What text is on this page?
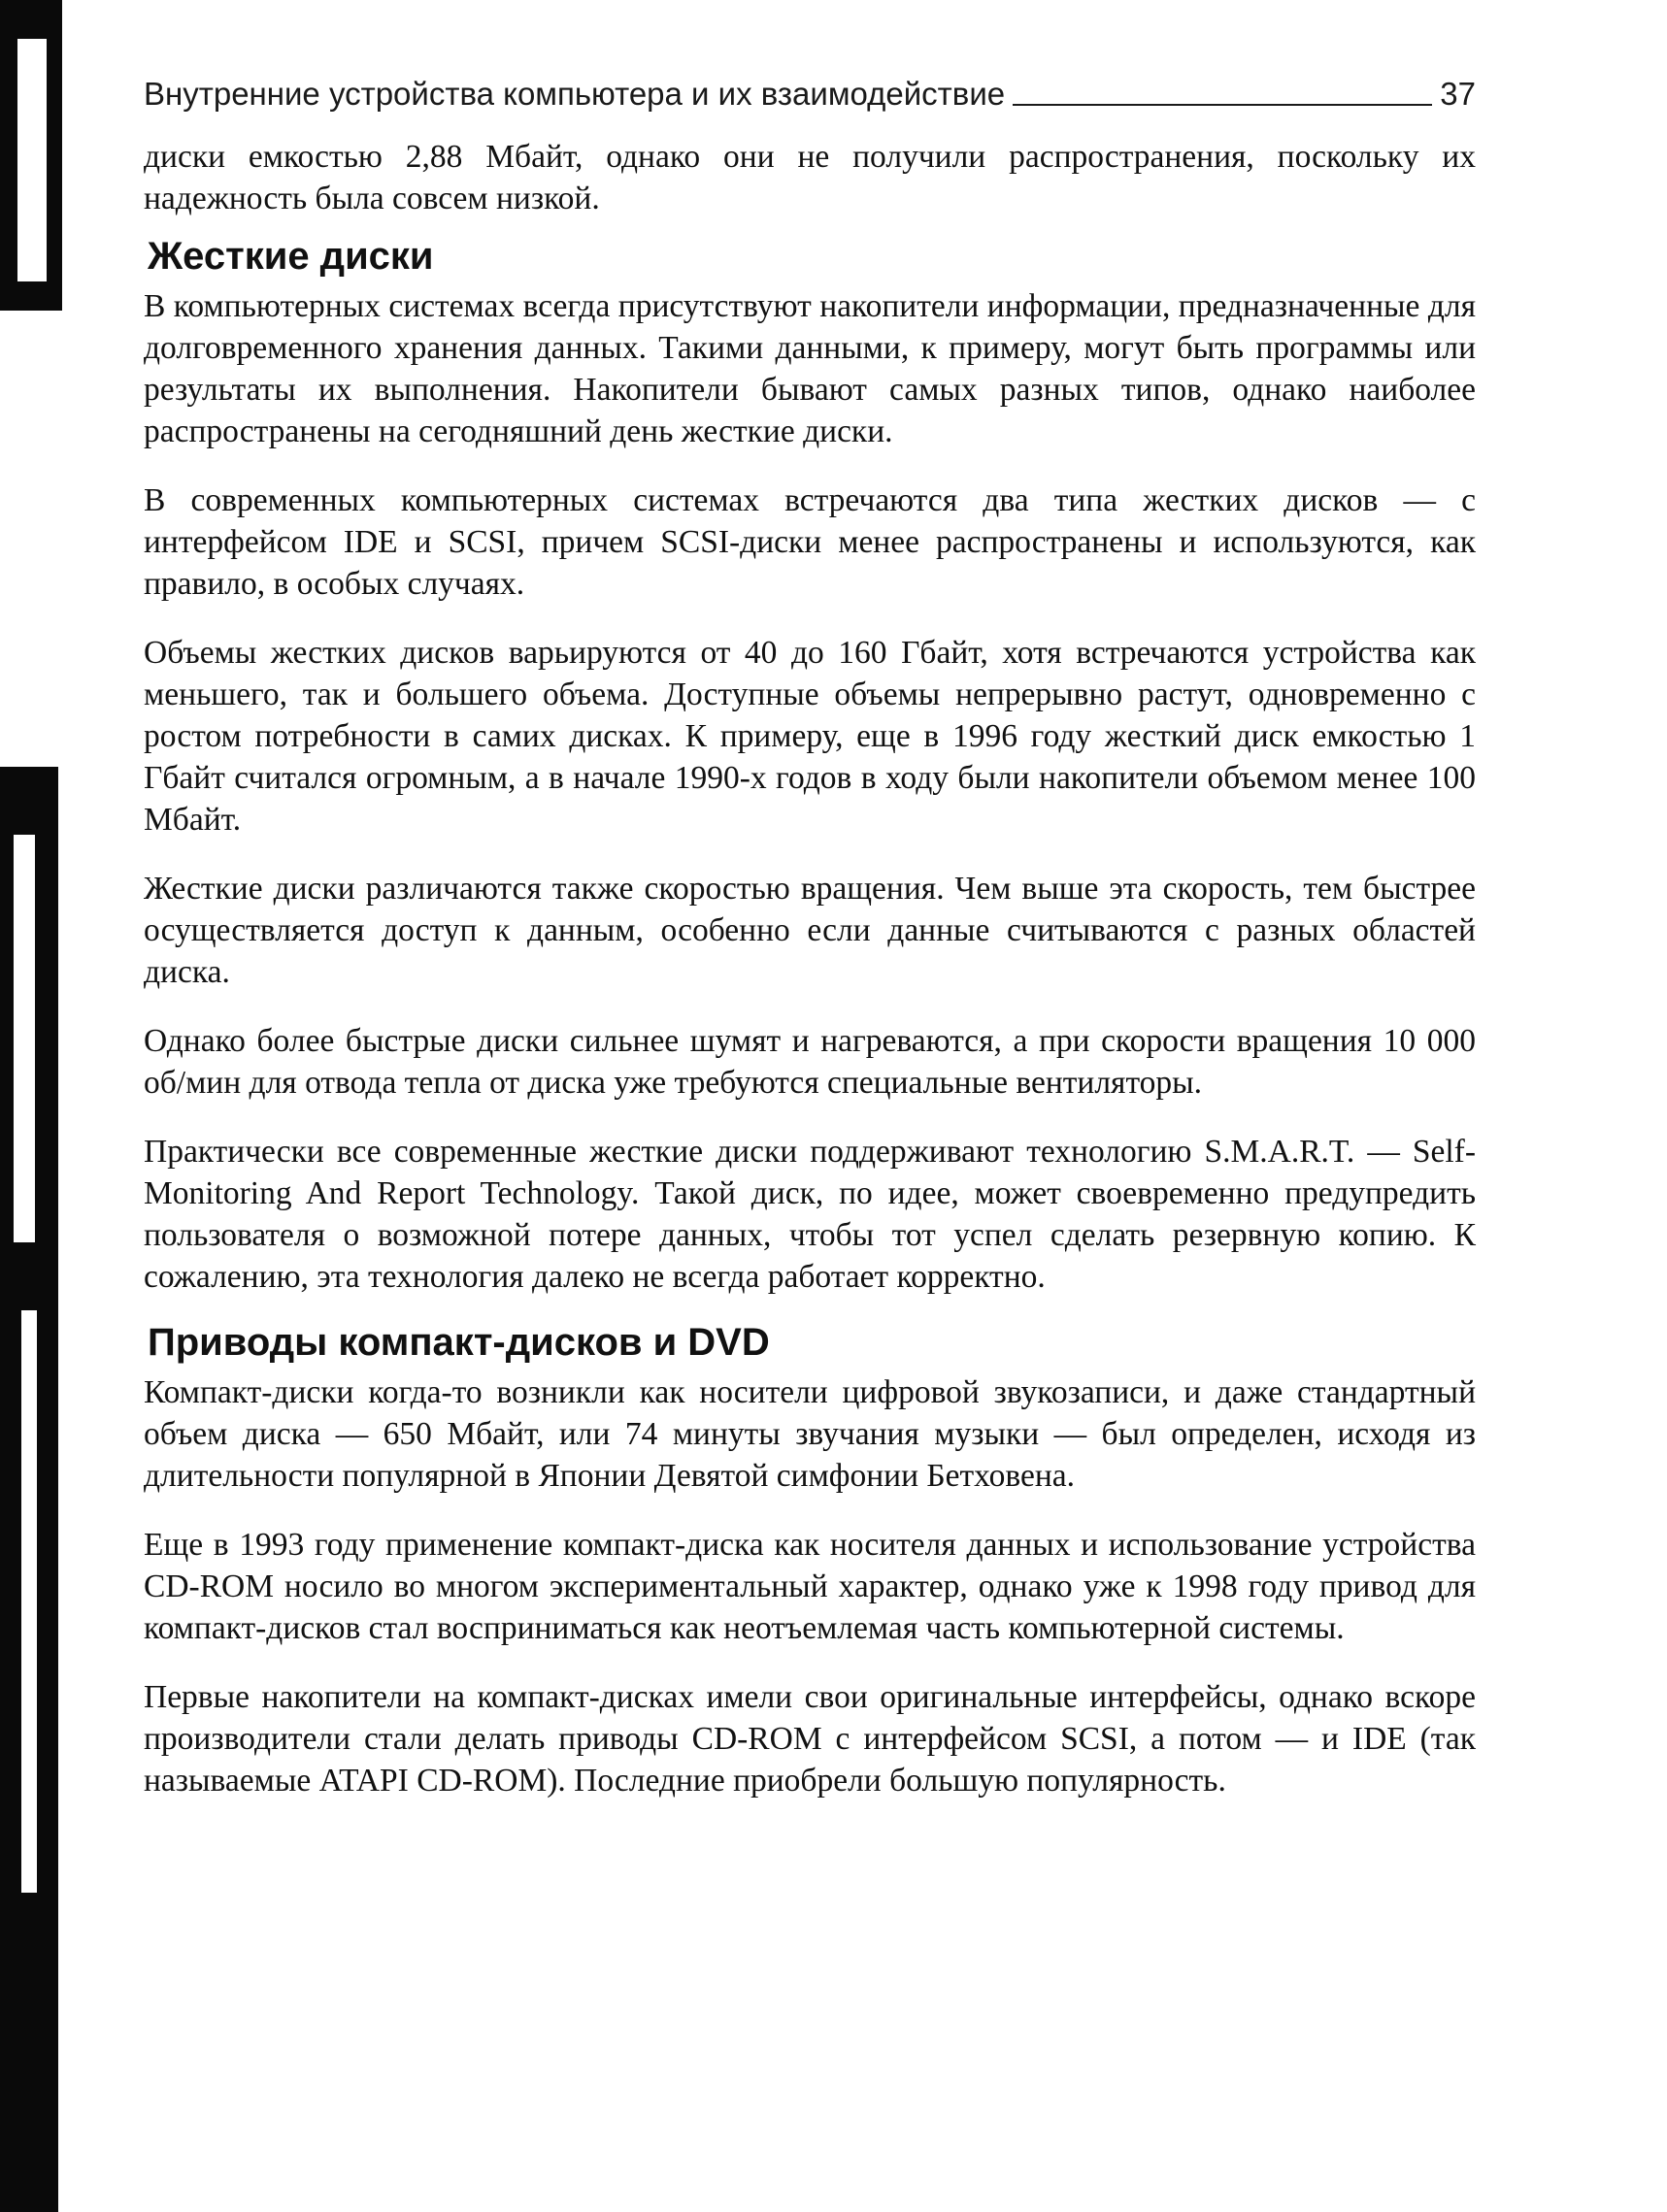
Внутренние устройства компьютера и их взаимодействие	37

диски емкостью 2,88 Мбайт, однако они не получили распространения, поскольку их надежность была совсем низкой.

Жесткие диски

В компьютерных системах всегда присутствуют накопители информации, предназначенные для долговременного хранения данных. Такими данными, к примеру, могут быть программы или результаты их выполнения. Накопители бывают самых разных типов, однако наиболее распространены на сегодняшний день жесткие диски.

В современных компьютерных системах встречаются два типа жестких дисков — с интерфейсом IDE и SCSI, причем SCSI-диски менее распространены и используются, как правило, в особых случаях.

Объемы жестких дисков варьируются от 40 до 160 Гбайт, хотя встречаются устройства как меньшего, так и большего объема. Доступные объемы непрерывно растут, одновременно с ростом потребности в самих дисках. К примеру, еще в 1996 году жесткий диск емкостью 1 Гбайт считался огромным, а в начале 1990-х годов в ходу были накопители объемом менее 100 Мбайт.

Жесткие диски различаются также скоростью вращения. Чем выше эта скорость, тем быстрее осуществляется доступ к данным, особенно если данные считываются с разных областей диска.

Однако более быстрые диски сильнее шумят и нагреваются, а при скорости вращения 10 000 об/мин для отвода тепла от диска уже требуются специальные вентиляторы.

Практически все современные жесткие диски поддерживают технологию S.M.A.R.T. — Self-Monitoring And Report Technology. Такой диск, по идее, может своевременно предупредить пользователя о возможной потере данных, чтобы тот успел сделать резервную копию. К сожалению, эта технология далеко не всегда работает корректно.

Приводы компакт-дисков и DVD

Компакт-диски когда-то возникли как носители цифровой звукозаписи, и даже стандартный объем диска — 650 Мбайт, или 74 минуты звучания музыки — был определен, исходя из длительности популярной в Японии Девятой симфонии Бетховена.

Еще в 1993 году применение компакт-диска как носителя данных и использование устройства CD-ROM носило во многом экспериментальный характер, однако уже к 1998 году привод для компакт-дисков стал восприниматься как неотъемлемая часть компьютерной системы.

Первые накопители на компакт-дисках имели свои оригинальные интерфейсы, однако вскоре производители стали делать приводы CD-ROM с интерфейсом SCSI, а потом — и IDE (так называемые ATAPI CD-ROM). Последние приобрели большую популярность.
